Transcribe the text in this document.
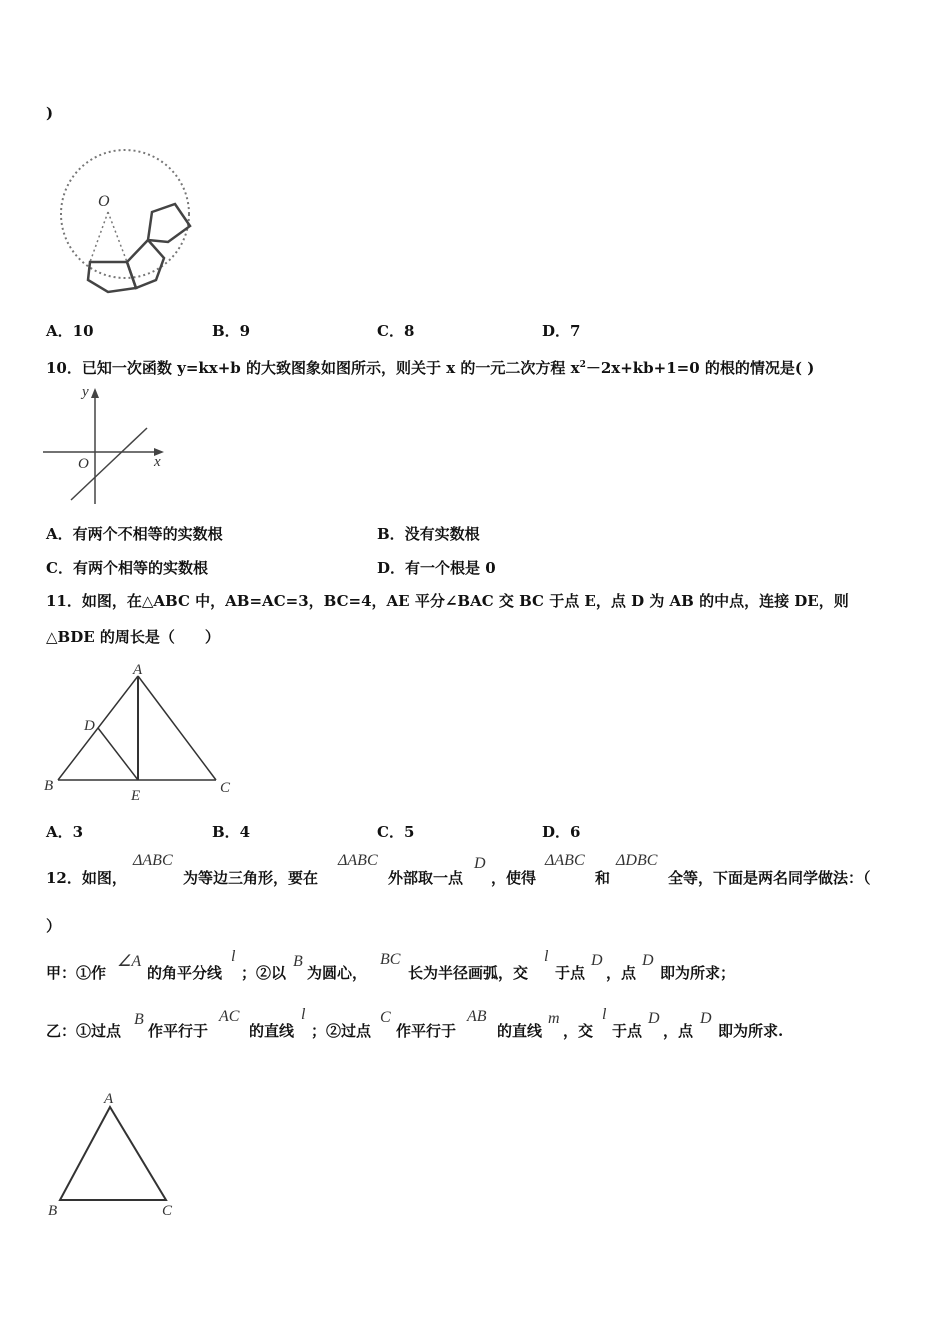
)
O
A．10	B．9	C．8	D．7
10．已知一次函数 y=kx+b 的大致图象如图所示，则关于 x 的一元二次方程 $x^2-2x+kb+1=0$ 的根的情况是( )
y
x
O
A．有两个不相等的实数根	B．没有实数根
C．有两个相等的实数根	D．有一个根是 0
11．如图，在△ABC 中，AB=AC=3，BC=4，AE 平分∠BAC 交 BC 于点 E，点 D 为 AB 的中点，连接 DE，则
△BDE 的周长是（　　）
A
B	C
D
E
A．3	B．4	C．5	D．6
12．如图，
ΔABC
为等边三角形，要在
ΔABC
外部取一点
D
，使得
ΔABC
和
ΔDBC
全等，下面是两名同学做法：（
）
甲：①作
∠A
的角平分线
l
；②以
B
为圆心，
BC
长为半径画弧，交
l
于点
D
，点
D
即为所求；
乙：①过点
B
作平行于
AC
的直线
l
；②过点
C
作平行于
AB
的直线
m
，交
l
于点
D
，点
D
即为所求.
A
B	C
